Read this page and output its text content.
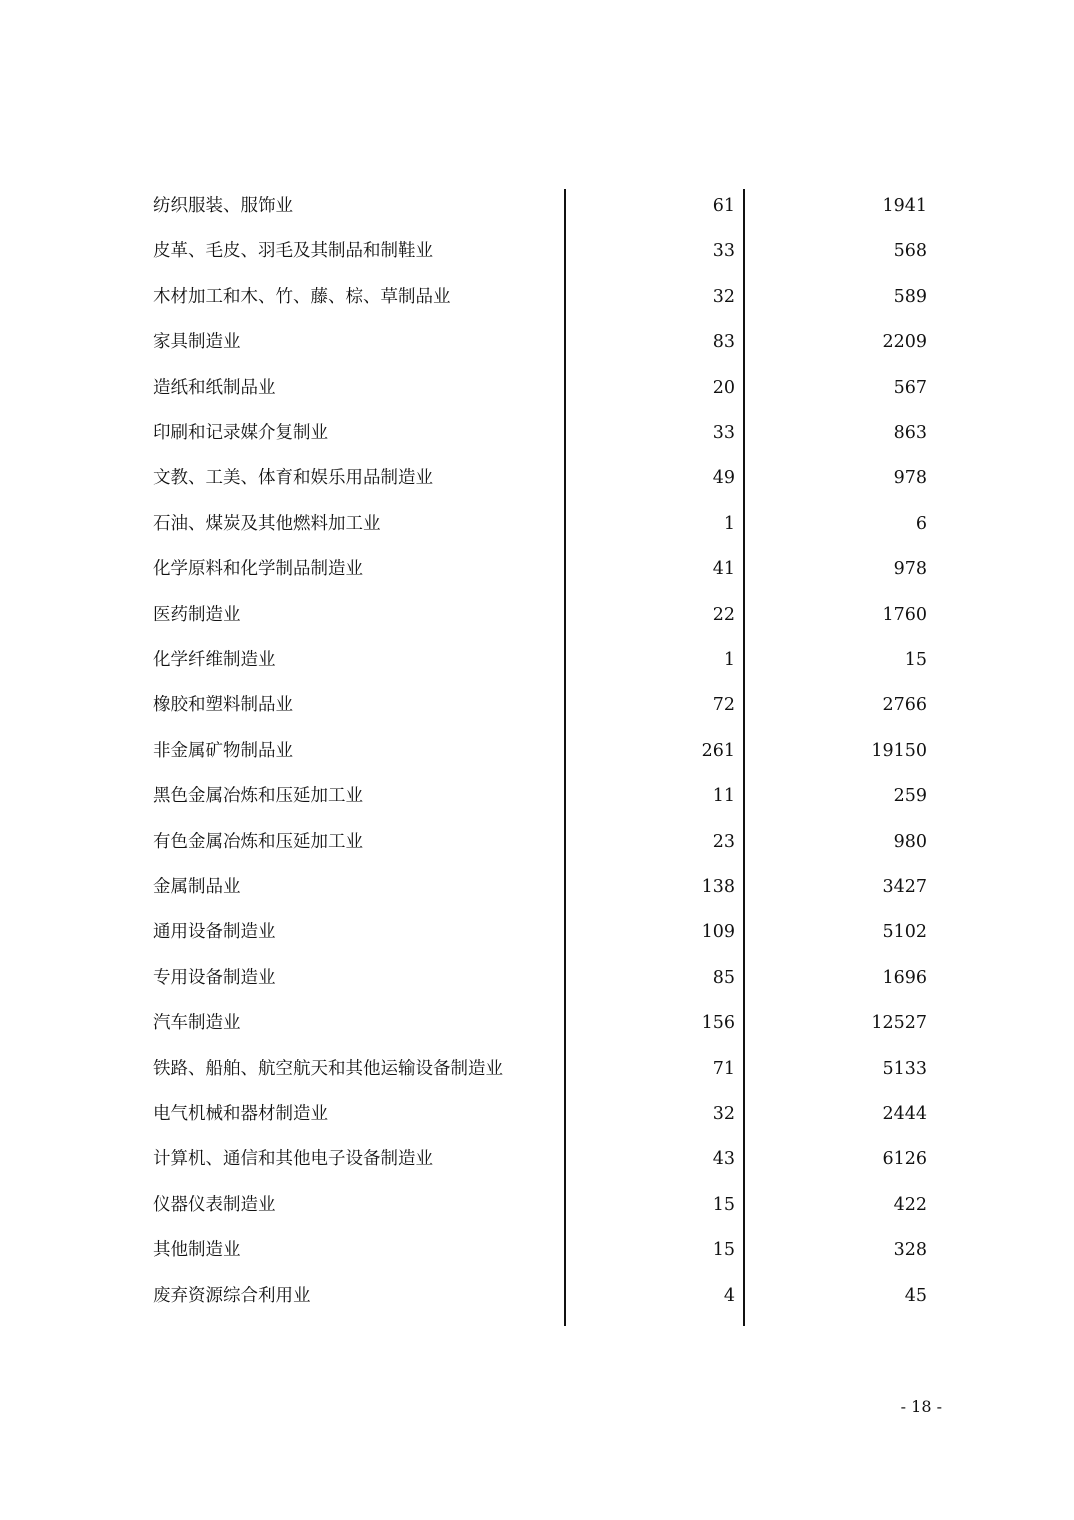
纺织服装、服饰业	61	1941
皮革、毛皮、羽毛及其制品和制鞋业	33	568
木材加工和木、竹、藤、棕、草制品业	32	589
家具制造业	83	2209
造纸和纸制品业	20	567
印刷和记录媒介复制业	33	863
文教、工美、体育和娱乐用品制造业	49	978
石油、煤炭及其他燃料加工业	1	6
化学原料和化学制品制造业	41	978
医药制造业	22	1760
化学纤维制造业	1	15
橡胶和塑料制品业	72	2766
非金属矿物制品业	261	19150
黑色金属冶炼和压延加工业	11	259
有色金属冶炼和压延加工业	23	980
金属制品业	138	3427
通用设备制造业	109	5102
专用设备制造业	85	1696
汽车制造业	156	12527
铁路、船舶、航空航天和其他运输设备制造业	71	5133
电气机械和器材制造业	32	2444
计算机、通信和其他电子设备制造业	43	6126
仪器仪表制造业	15	422
其他制造业	15	328
废弃资源综合利用业	4	45
- 18 -
